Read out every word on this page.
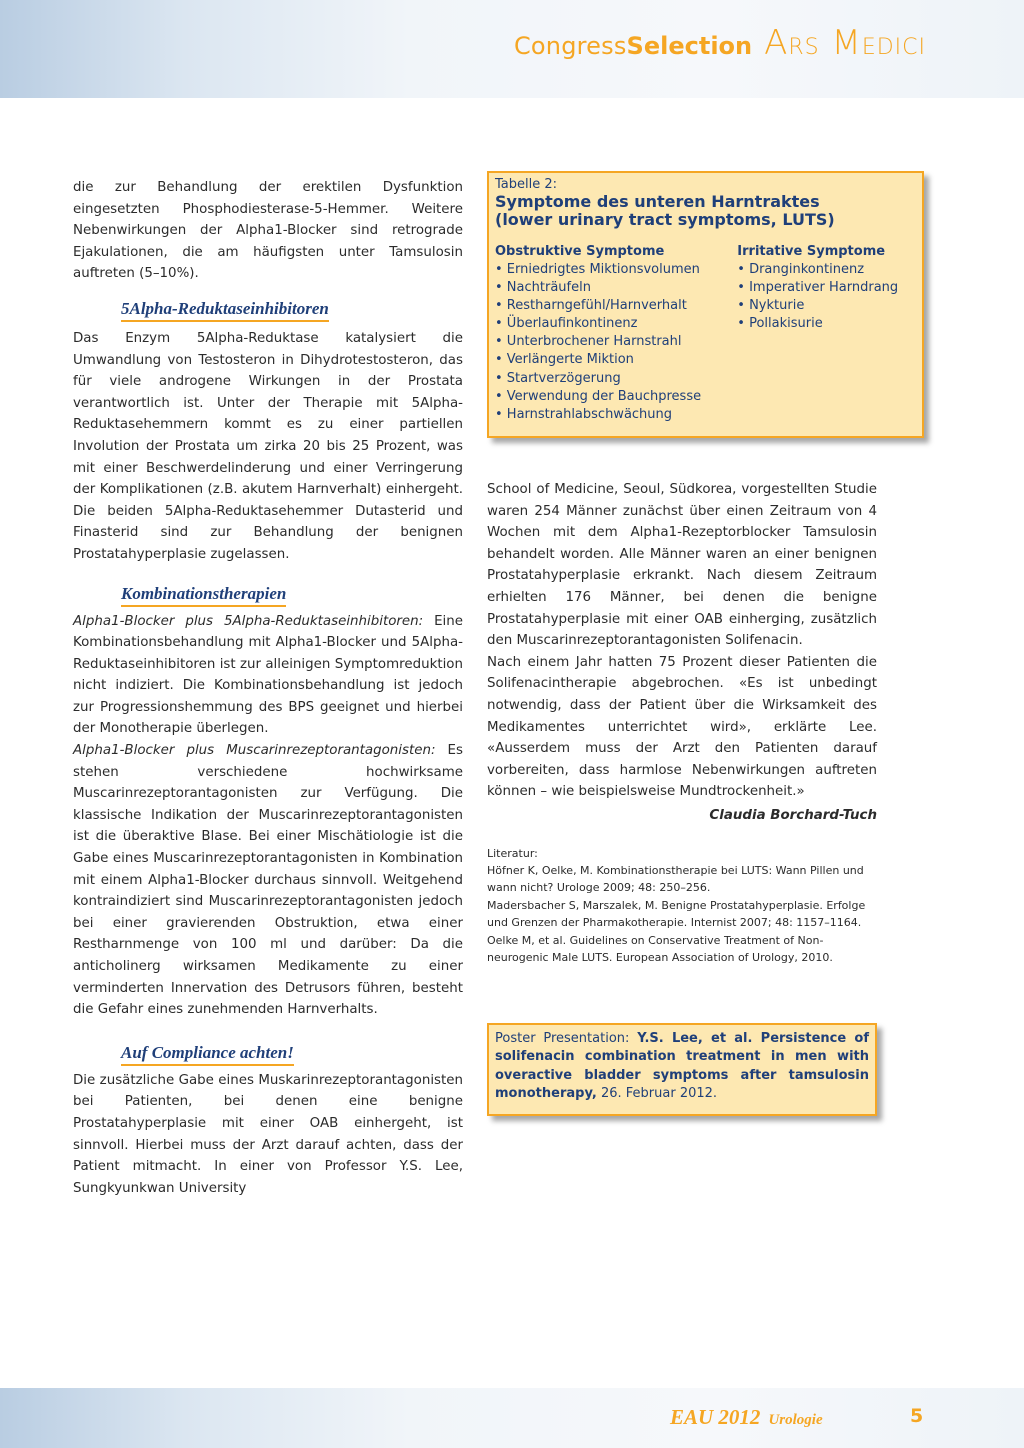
Congress Selection ARS MEDICI

die zur Behandlung der erektilen Dysfunktion eingesetzten Phosphodiesterase-5-Hemmer. Weitere Nebenwirkungen der Alpha1-Blocker sind retrograde Ejakulationen, die am häufigsten unter Tamsulosin auftreten (5–10%).

5Alpha-Reduktaseinhibitoren

Das Enzym 5Alpha-Reduktase katalysiert die Umwandlung von Testosteron in Dihydrotestosteron, das für viele androgene Wirkungen in der Prostata verantwortlich ist. Unter der Therapie mit 5Alpha-Reduktasehemmern kommt es zu einer partiellen Involution der Prostata um zirka 20 bis 25 Prozent, was mit einer Beschwerdelinderung und einer Verringerung der Komplikationen (z.B. akutem Harnverhalt) einhergeht. Die beiden 5Alpha-Reduktasehemmer Dutasterid und Finasterid sind zur Behandlung der benignen Prostatahyperplasie zugelassen.

Kombinationstherapien

Alpha1-Blocker plus 5Alpha-Reduktaseinhibitoren: Eine Kombinationsbehandlung mit Alpha1-Blocker und 5Alpha-Reduktaseinhibitoren ist zur alleinigen Symptomreduktion nicht indiziert. Die Kombinationsbehandlung ist jedoch zur Progressionshemmung des BPS geeignet und hierbei der Monotherapie überlegen.

Alpha1-Blocker plus Muscarinrezeptorantagonisten: Es stehen verschiedene hochwirksame Muscarinrezeptorantagonisten zur Verfügung. Die klassische Indikation der Muscarinrezeptorantagonisten ist die überaktive Blase. Bei einer Mischätiologie ist die Gabe eines Muscarinrezeptorantagonisten in Kombination mit einem Alpha1-Blocker durchaus sinnvoll. Weitgehend kontraindiziert sind Muscarinrezeptorantagonisten jedoch bei einer gravierenden Obstruktion, etwa einer Restharnmenge von 100 ml und darüber: Da die anticholinerg wirksamen Medikamente zu einer verminderten Innervation des Detrusors führen, besteht die Gefahr eines zunehmenden Harnverhalts.

Auf Compliance achten!

Die zusätzliche Gabe eines Muskarinrezeptorantagonisten bei Patienten, bei denen eine benigne Prostatahyperplasie mit einer OAB einhergeht, ist sinnvoll. Hierbei muss der Arzt darauf achten, dass der Patient mitmacht. In einer von Professor Y.S. Lee, Sungkyunkwan University

Tabelle 2:
Symptome des unteren Harntraktes
(lower urinary tract symptoms, LUTS)
Obstruktive Symptome
• Erniedrigtes Miktionsvolumen
• Nachträufeln
• Restharngefühl/Harnverhalt
• Überlaufinkontinenz
• Unterbrochener Harnstrahl
• Verlängerte Miktion
• Startverzögerung
• Verwendung der Bauchpresse
• Harnstrahlabschwächung
Irritative Symptome
• Dranginkontinenz
• Imperativer Harndrang
• Nykturie
• Pollakisurie

School of Medicine, Seoul, Südkorea, vorgestellten Studie waren 254 Männer zunächst über einen Zeitraum von 4 Wochen mit dem Alpha1-Rezeptorblocker Tamsulosin behandelt worden. Alle Männer waren an einer benignen Prostatahyperplasie erkrankt. Nach diesem Zeitraum erhielten 176 Männer, bei denen die benigne Prostatahyperplasie mit einer OAB einherging, zusätzlich den Muscarinrezeptorantagonisten Solifenacin.

Nach einem Jahr hatten 75 Prozent dieser Patienten die Solifenacintherapie abgebrochen. «Es ist unbedingt notwendig, dass der Patient über die Wirksamkeit des Medikamentes unterrichtet wird», erklärte Lee. «Ausserdem muss der Arzt den Patienten darauf vorbereiten, dass harmlose Nebenwirkungen auftreten können – wie beispielsweise Mundtrockenheit.»

Claudia Borchard-Tuch
Literatur:
Höfner K, Oelke, M. Kombinationstherapie bei LUTS: Wann Pillen und wann nicht? Urologe 2009; 48: 250–256.
Madersbacher S, Marszalek, M. Benigne Prostatahyperplasie. Erfolge und Grenzen der Pharmakotherapie. Internist 2007; 48: 1157–1164.
Oelke M, et al. Guidelines on Conservative Treatment of Non-neurogenic Male LUTS. European Association of Urology, 2010.
Poster Presentation: Y.S. Lee, et al. Persistence of solifenacin combination treatment in men with overactive bladder symptoms after tamsulosin monotherapy, 26. Februar 2012.
EAU 2012 Urologie	5
